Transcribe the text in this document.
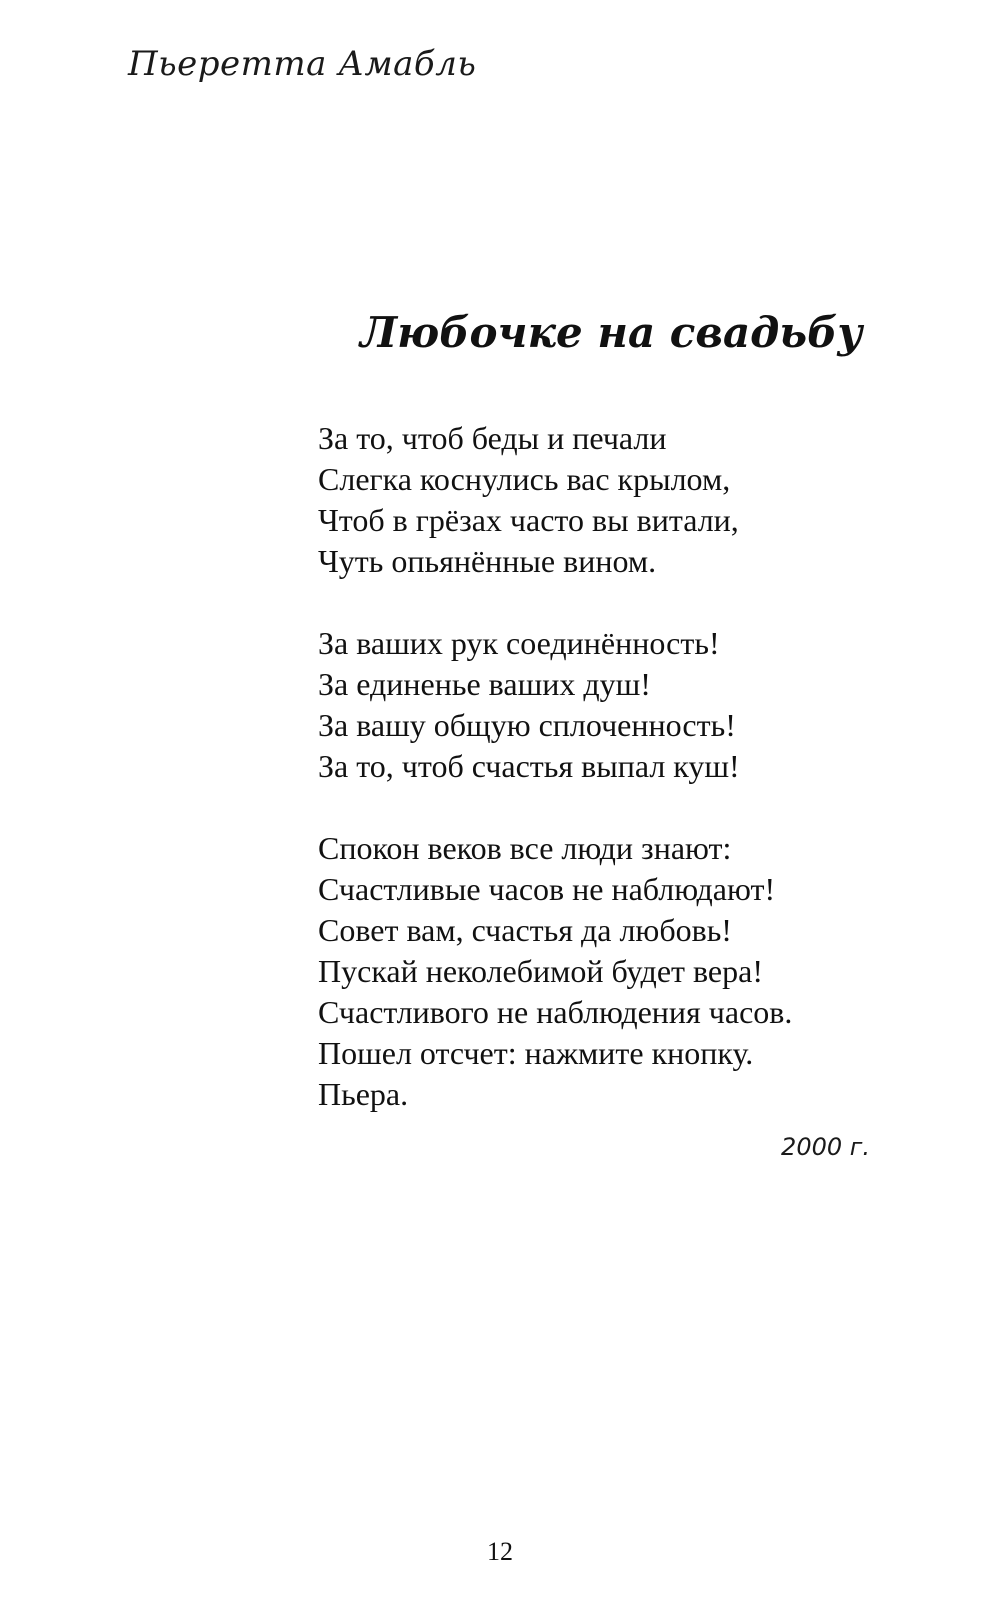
Пьеретта Амабль
Любочке на свадьбу
За то, чтоб беды и печали
Слегка коснулись вас крылом,
Чтоб в грёзах часто вы витали,
Чуть опьянённые вином.
За ваших рук соединённость!
За единенье ваших душ!
За вашу общую сплоченность!
За то, чтоб счастья выпал куш!
Спокон веков все люди знают:
Счастливые часов не наблюдают!
Совет вам, счастья да любовь!
Пускай неколебимой будет вера!
Счастливого не наблюдения часов.
Пошел отсчет: нажмите кнопку.
Пьера.
2000 г.
12
